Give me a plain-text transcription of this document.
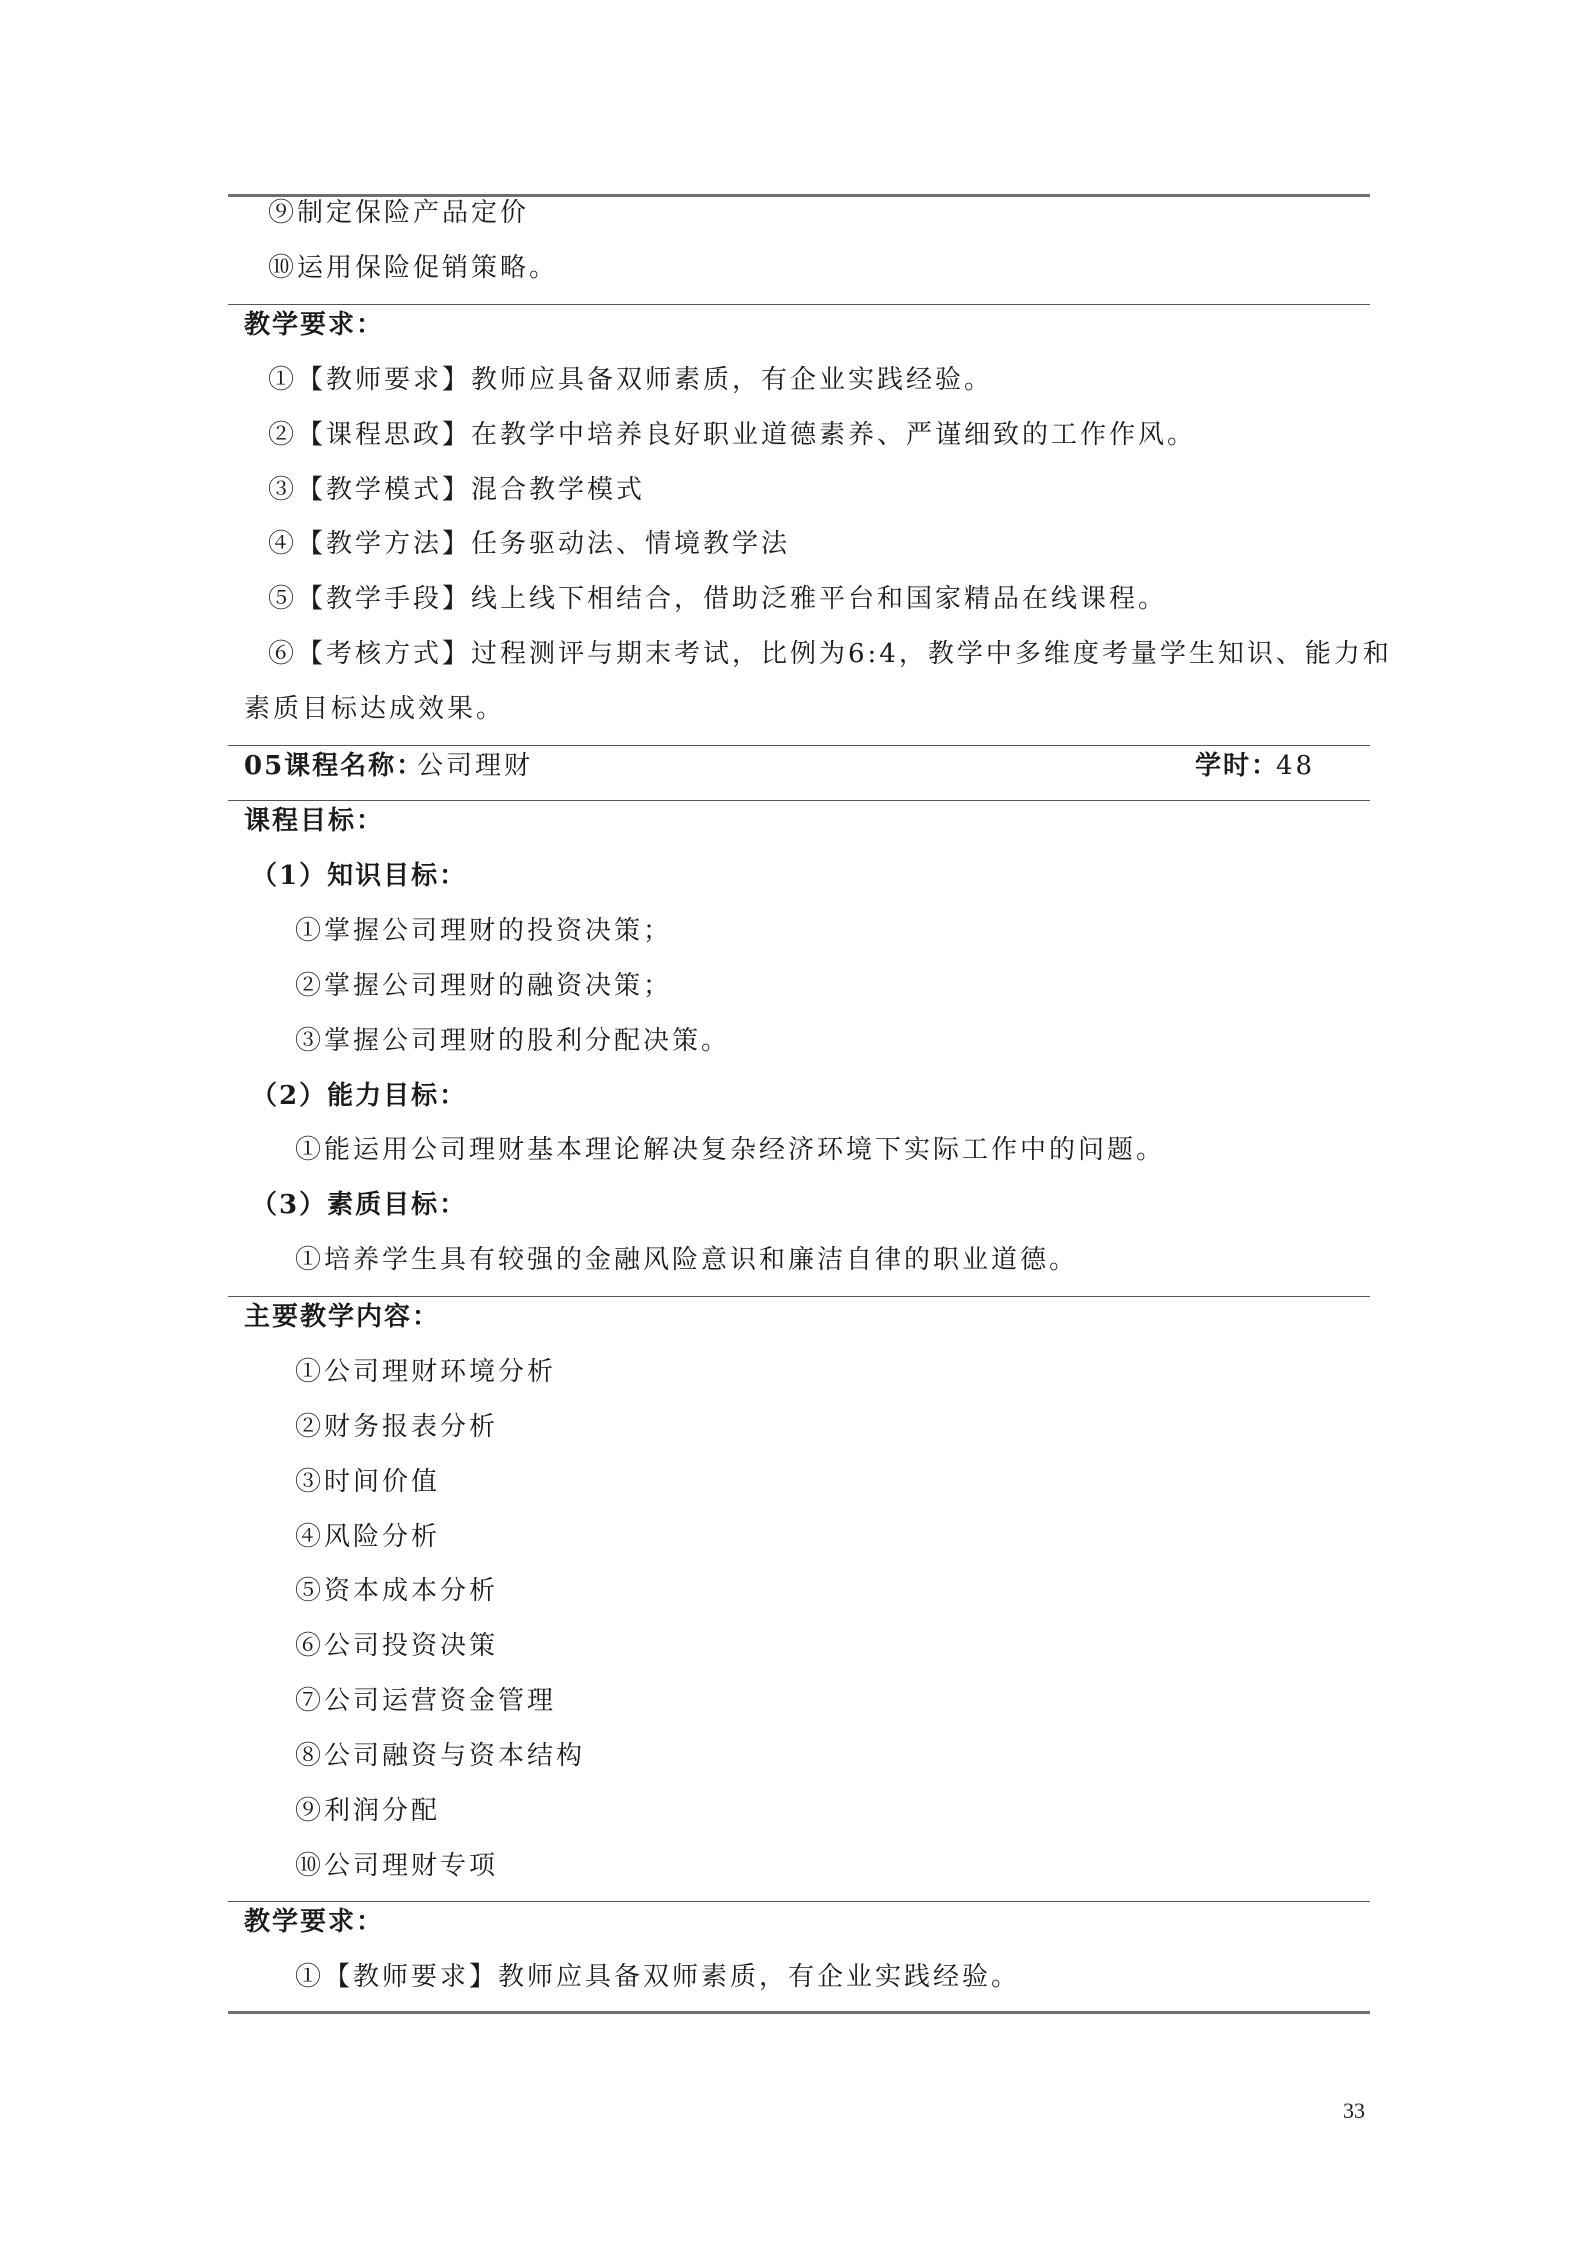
⑨制定保险产品定价
⑩运用保险促销策略。
教学要求：
①【教师要求】教师应具备双师素质，有企业实践经验。
②【课程思政】在教学中培养良好职业道德素养、严谨细致的工作作风。
③【教学模式】混合教学模式
④【教学方法】任务驱动法、情境教学法
⑤【教学手段】线上线下相结合，借助泛雅平台和国家精品在线课程。
⑥【考核方式】过程测评与期末考试，比例为6:4，教学中多维度考量学生知识、能力和
素质目标达成效果。
05课程名称：
公司理财	学时：
48
课程目标：
（1）知识目标：
①掌握公司理财的投资决策；
②掌握公司理财的融资决策；
③掌握公司理财的股利分配决策。
（2）能力目标：
①能运用公司理财基本理论解决复杂经济环境下实际工作中的问题。
（3）素质目标：
①培养学生具有较强的金融风险意识和廉洁自律的职业道德。
主要教学内容：
①公司理财环境分析
②财务报表分析
③时间价值
④风险分析
⑤资本成本分析
⑥公司投资决策
⑦公司运营资金管理
⑧公司融资与资本结构
⑨利润分配
⑩公司理财专项
教学要求：
①【教师要求】教师应具备双师素质，有企业实践经验。
33
